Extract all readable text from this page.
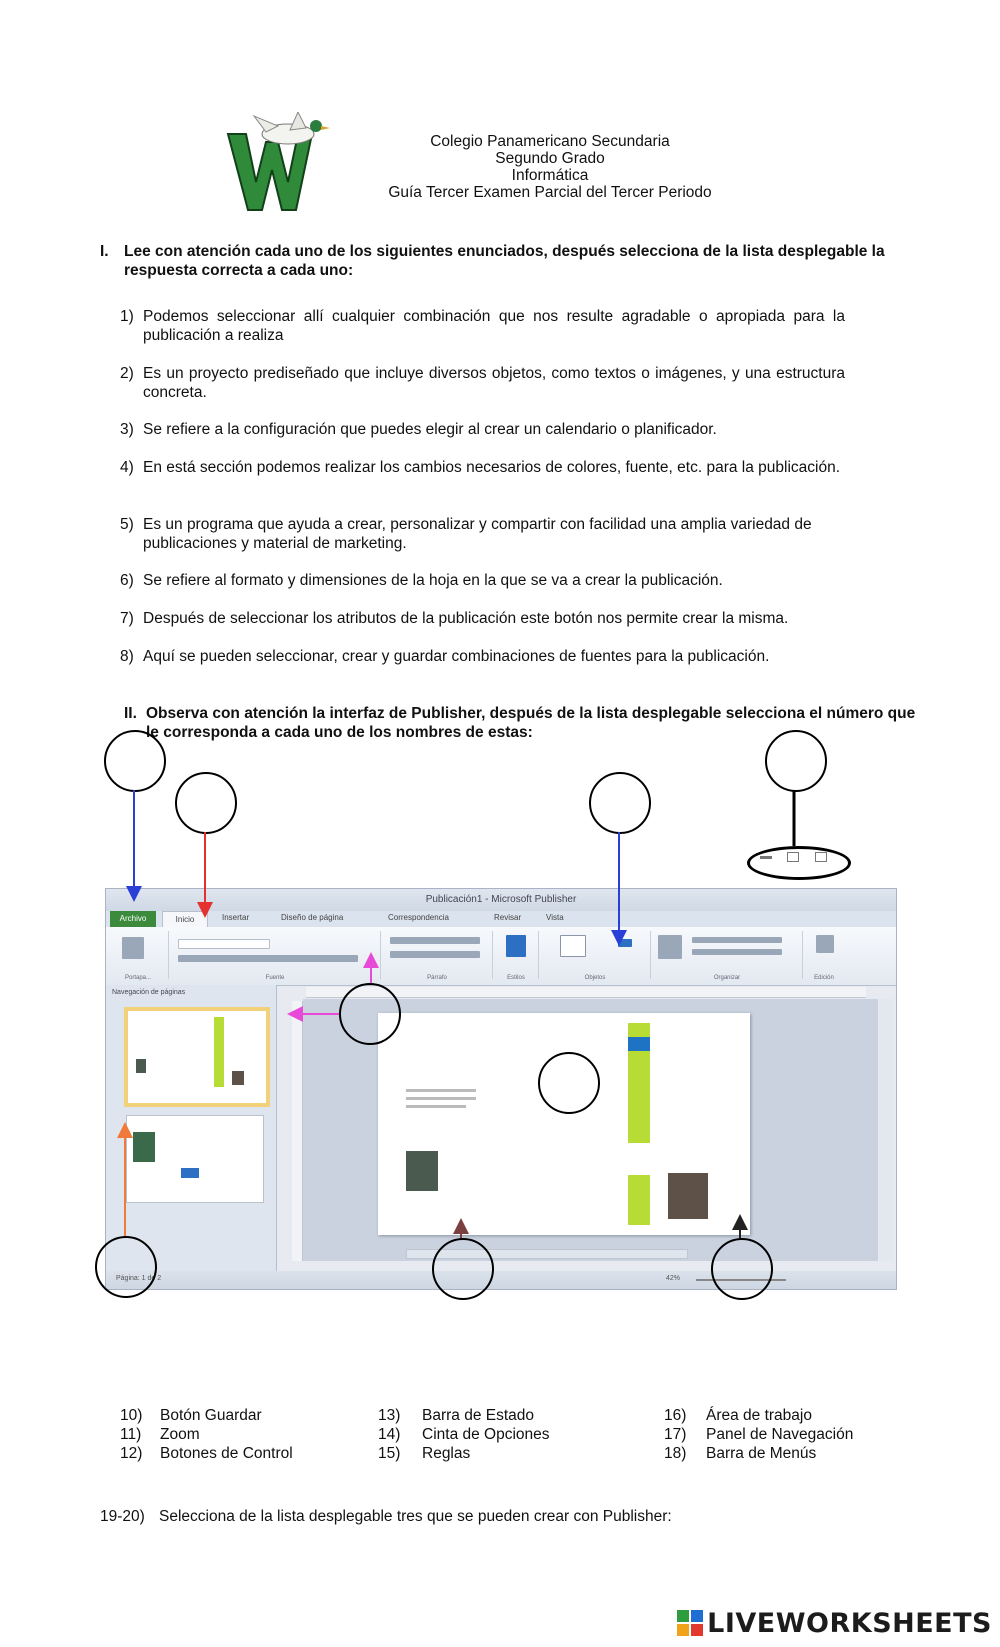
Colegio Panamericano Secundaria
Segundo Grado
Informática
Guía Tercer Examen Parcial del Tercer Periodo
I. Lee con atención cada uno de los siguientes enunciados, después selecciona de la lista desplegable la respuesta correcta a cada uno:
1) Podemos seleccionar allí cualquier combinación que nos resulte agradable o apropiada para la publicación a realiza
2) Es un proyecto prediseñado que incluye diversos objetos, como textos o imágenes, y una estructura concreta.
3) Se refiere a la configuración que puedes elegir al crear un calendario o planificador.
4) En está sección podemos realizar los cambios necesarios de colores, fuente, etc. para la publicación.
5) Es un programa que ayuda a crear, personalizar y compartir con facilidad una amplia variedad de publicaciones y material de marketing.
6) Se refiere al formato y dimensiones de la hoja en la que se va a crear la publicación.
7) Después de seleccionar los atributos de la publicación este botón nos permite crear la misma.
8) Aquí se pueden seleccionar, crear y guardar combinaciones de fuentes para la publicación.
II. Observa con atención la interfaz de Publisher, después de la lista desplegable selecciona el número que le corresponda a cada uno de los nombres de estas:
Publicación1 - Microsoft Publisher
Archivo	Inicio	Insertar	Diseño de página	Correspondencia	Revisar	Vista
Portapa...	Fuente	Párrafo	Estilos	Objetos	Organizar	Edición
Navegación de páginas
Página: 1 de 2	42%
10) Botón Guardar
11) Zoom
12) Botones de Control
13) Barra de Estado
14) Cinta de Opciones
15) Reglas
16) Área de trabajo
17) Panel de Navegación
18) Barra de Menús
19-20) Selecciona de la lista desplegable tres que se pueden crear con Publisher:
LIVEWORKSHEETS
